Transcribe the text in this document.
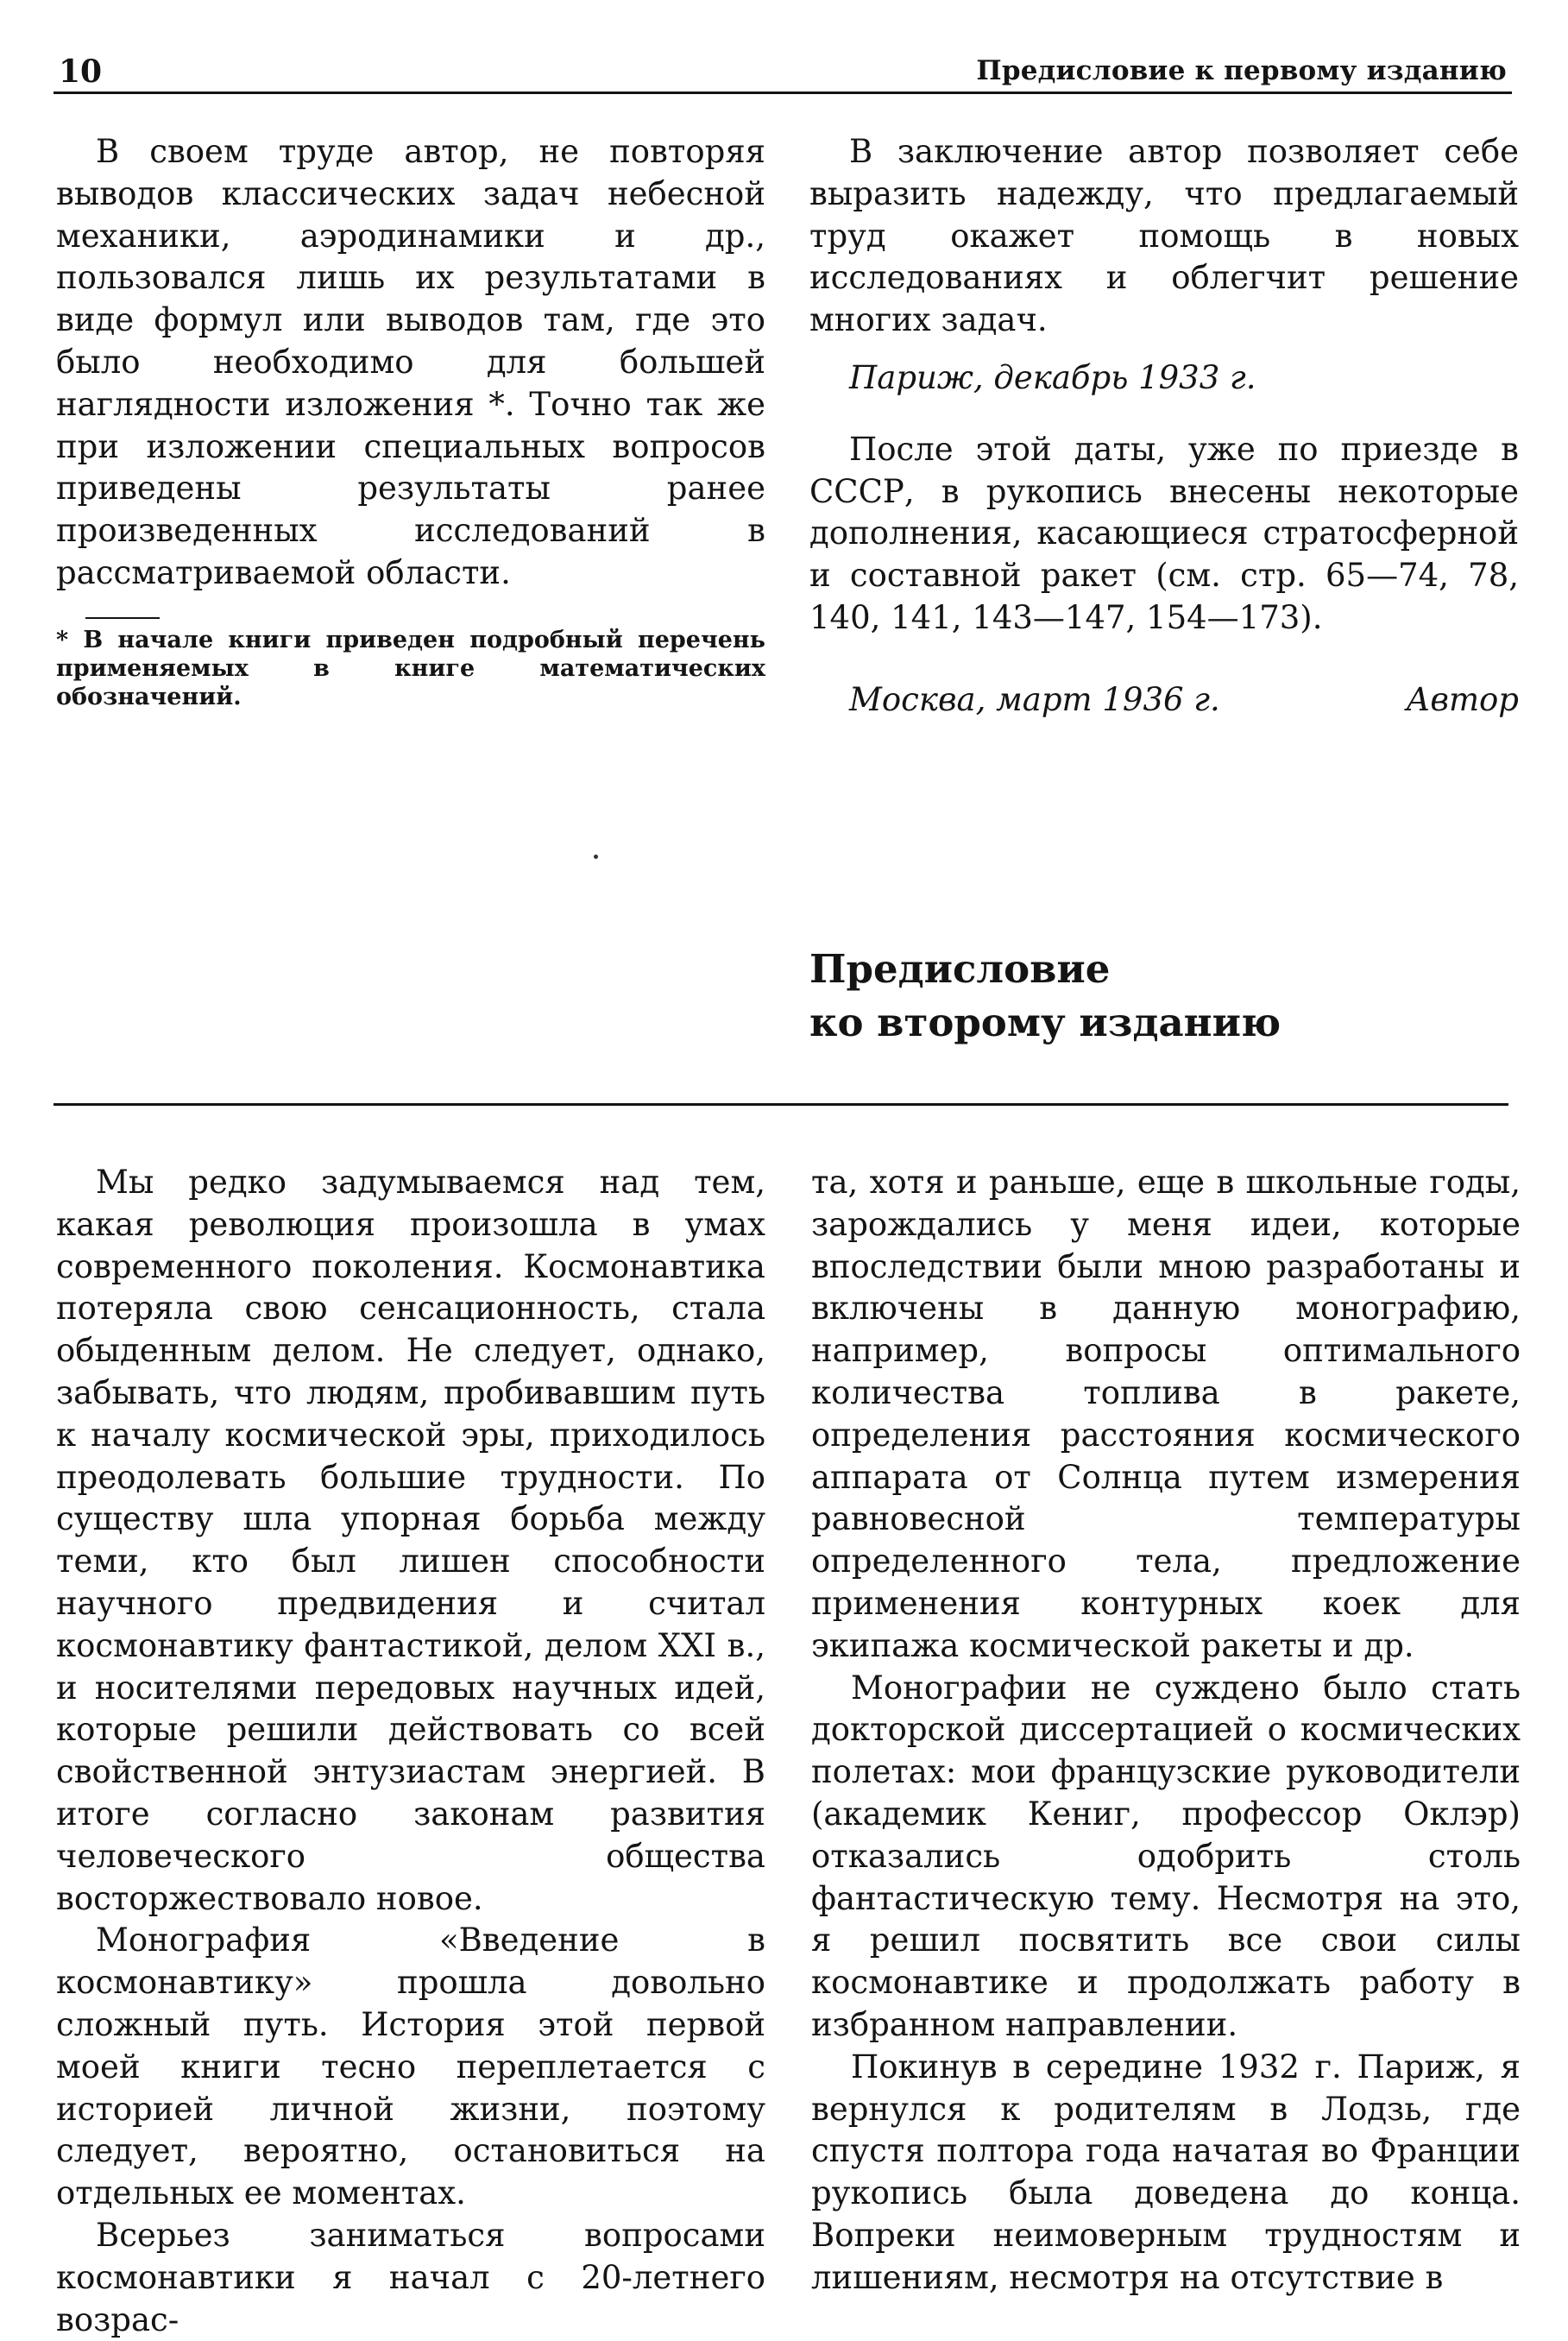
10	Предисловие к первому изданию

В своем труде автор, не повторяя выводов классических задач небесной механики, аэродинамики и др., пользовался лишь их результатами в виде формул или выводов там, где это было необходимо для большей наглядности изложения *. Точно так же при изложении специальных вопросов приведены результаты ранее произведенных исследований в рассматриваемой области.

* В начале книги приведен подробный перечень применяемых в книге математических обозначений.

В заключение автор позволяет себе выразить надежду, что предлагаемый труд окажет помощь в новых исследованиях и облегчит решение многих задач.

Париж, декабрь 1933 г.

После этой даты, уже по приезде в СССР, в рукопись внесены некоторые дополнения, касающиеся стратосферной и составной ракет (см. стр. 65—74, 78, 140, 141, 143—147, 154—173).

Москва, март 1936 г.	Автор
Предисловие
ко второму изданию

Мы редко задумываемся над тем, какая революция произошла в умах современного поколения. Космонавтика потеряла свою сенсационность, стала обыденным делом. Не следует, однако, забывать, что людям, пробивавшим путь к началу космической эры, приходилось преодолевать большие трудности. По существу шла упорная борьба между теми, кто был лишен способности научного предвидения и считал космонавтику фантастикой, делом XXI в., и носителями передовых научных идей, которые решили действовать со всей свойственной энтузиастам энергией. В итоге согласно законам развития человеческого общества восторжествовало новое.

Монография «Введение в космонавтику» прошла довольно сложный путь. История этой первой моей книги тесно переплетается с историей личной жизни, поэтому следует, вероятно, остановиться на отдельных ее моментах.

Всерьез заниматься вопросами космонавтики я начал с 20-летнего возрас-

та, хотя и раньше, еще в школьные годы, зарождались у меня идеи, которые впоследствии были мною разработаны и включены в данную монографию, например, вопросы оптимального количества топлива в ракете, определения расстояния космического аппарата от Солнца путем измерения равновесной температуры определенного тела, предложение применения контурных коек для экипажа космической ракеты и др.

Монографии не суждено было стать докторской диссертацией о космических полетах: мои французские руководители (академик Кениг, профессор Оклэр) отказались одобрить столь фантастическую тему. Несмотря на это, я решил посвятить все свои силы космонавтике и продолжать работу в избранном направлении.

Покинув в середине 1932 г. Париж, я вернулся к родителям в Лодзь, где спустя полтора года начатая во Франции рукопись была доведена до конца. Вопреки неимоверным трудностям и лишениям, несмотря на отсутствие в
